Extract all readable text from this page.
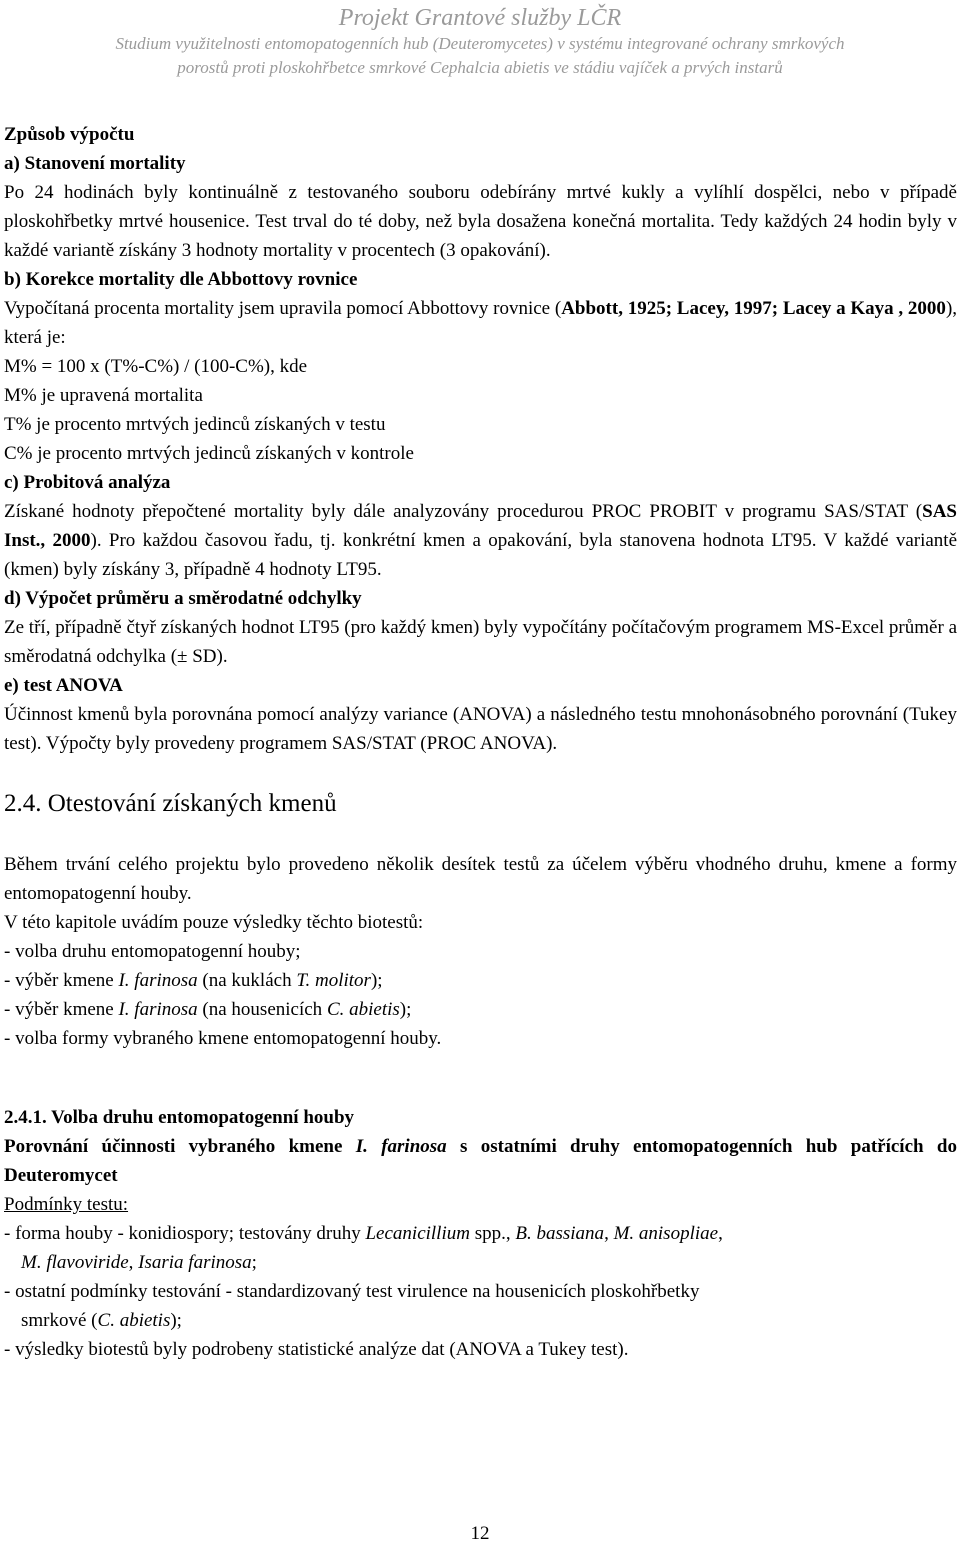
Projekt Grantové služby LČR
Studium využitelnosti entomopatogenních hub (Deuteromycetes) v systému integrované ochrany smrkových
porostů proti ploskohřbetce smrkové Cephalcia abietis ve stádiu vajíček a prvých instarů

Způsob výpočtu

a) Stanovení mortality

Po 24 hodinách byly kontinuálně z testovaného souboru odebírány mrtvé kukly a vylíhlí dospělci, nebo v případě ploskohřbetky mrtvé housenice. Test trval do té doby, než byla dosažena konečná mortalita. Tedy každých 24 hodin byly v každé variantě získány 3 hodnoty mortality v procentech (3 opakování).

b) Korekce mortality dle Abbottovy rovnice

Vypočítaná procenta mortality jsem upravila pomocí Abbottovy rovnice (Abbott, 1925; Lacey, 1997; Lacey a Kaya , 2000), která je:

M% = 100 x (T%-C%) / (100-C%), kde

M% je upravená mortalita

T% je procento mrtvých jedinců získaných v testu

C% je procento mrtvých jedinců získaných v kontrole

c) Probitová analýza

Získané hodnoty přepočtené mortality byly dále analyzovány procedurou PROC PROBIT v programu SAS/STAT (SAS Inst., 2000). Pro každou časovou řadu, tj. konkrétní kmen a opakování, byla stanovena hodnota LT95. V každé variantě (kmen) byly získány 3, případně 4 hodnoty LT95.

d) Výpočet průměru a směrodatné odchylky

Ze tří, případně čtyř získaných hodnot LT95 (pro každý kmen) byly vypočítány počítačovým programem MS-Excel průměr a směrodatná odchylka (± SD).

e) test ANOVA

Účinnost kmenů byla porovnána pomocí analýzy variance (ANOVA) a následného testu mnohonásobného porovnání (Tukey test). Výpočty byly provedeny programem SAS/STAT (PROC ANOVA).

2.4. Otestování získaných kmenů

Během trvání celého projektu bylo provedeno několik desítek testů za účelem výběru vhodného druhu, kmene a formy entomopatogenní houby.

V této kapitole uvádím pouze výsledky těchto biotestů:

- volba druhu entomopatogenní houby;

- výběr kmene I. farinosa (na kuklách T. molitor);

- výběr kmene I. farinosa (na housenicích C. abietis);

- volba formy vybraného kmene entomopatogenní houby.

2.4.1. Volba druhu entomopatogenní houby

Porovnání účinnosti vybraného kmene I. farinosa s ostatními druhy entomopatogenních hub patřících do Deuteromycet

Podmínky testu:

- forma houby - konidiospory; testovány druhy Lecanicillium spp., B. bassiana, M. anisopliae,

M. flavoviride, Isaria farinosa;

- ostatní podmínky testování - standardizovaný test virulence na housenicích ploskohřbetky

smrkové (C. abietis);

- výsledky biotestů byly podrobeny statistické analýze dat (ANOVA a Tukey test).

12
